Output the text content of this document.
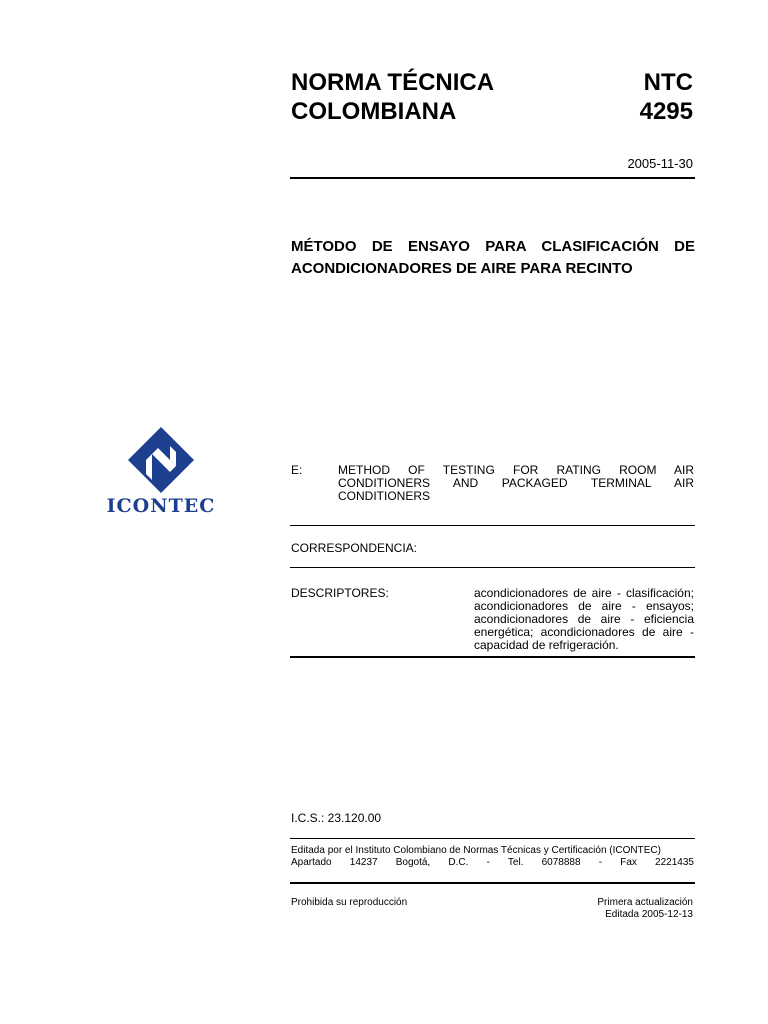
NORMA TÉCNICA
COLOMBIANA
NTC
4295
2005-11-30
MÉTODO DE ENSAYO PARA CLASIFICACIÓN DE
ACONDICIONADORES DE AIRE PARA RECINTO
ICONTEC
E:	METHOD OF TESTING FOR RATING ROOM AIR CONDITIONERS AND PACKAGED TERMINAL AIR CONDITIONERS
CORRESPONDENCIA:
DESCRIPTORES:	acondicionadores de aire - clasificación; acondicionadores de aire - ensayos; acondicionadores de aire - eficiencia energética; acondicionadores de aire - capacidad de refrigeración.
I.C.S.: 23.120.00
Editada por el Instituto Colombiano de Normas Técnicas y Certificación (ICONTEC)
Apartado 14237 Bogotá, D.C. - Tel. 6078888 - Fax 2221435
Prohibida su reproducción	Primera actualización
Editada 2005-12-13
